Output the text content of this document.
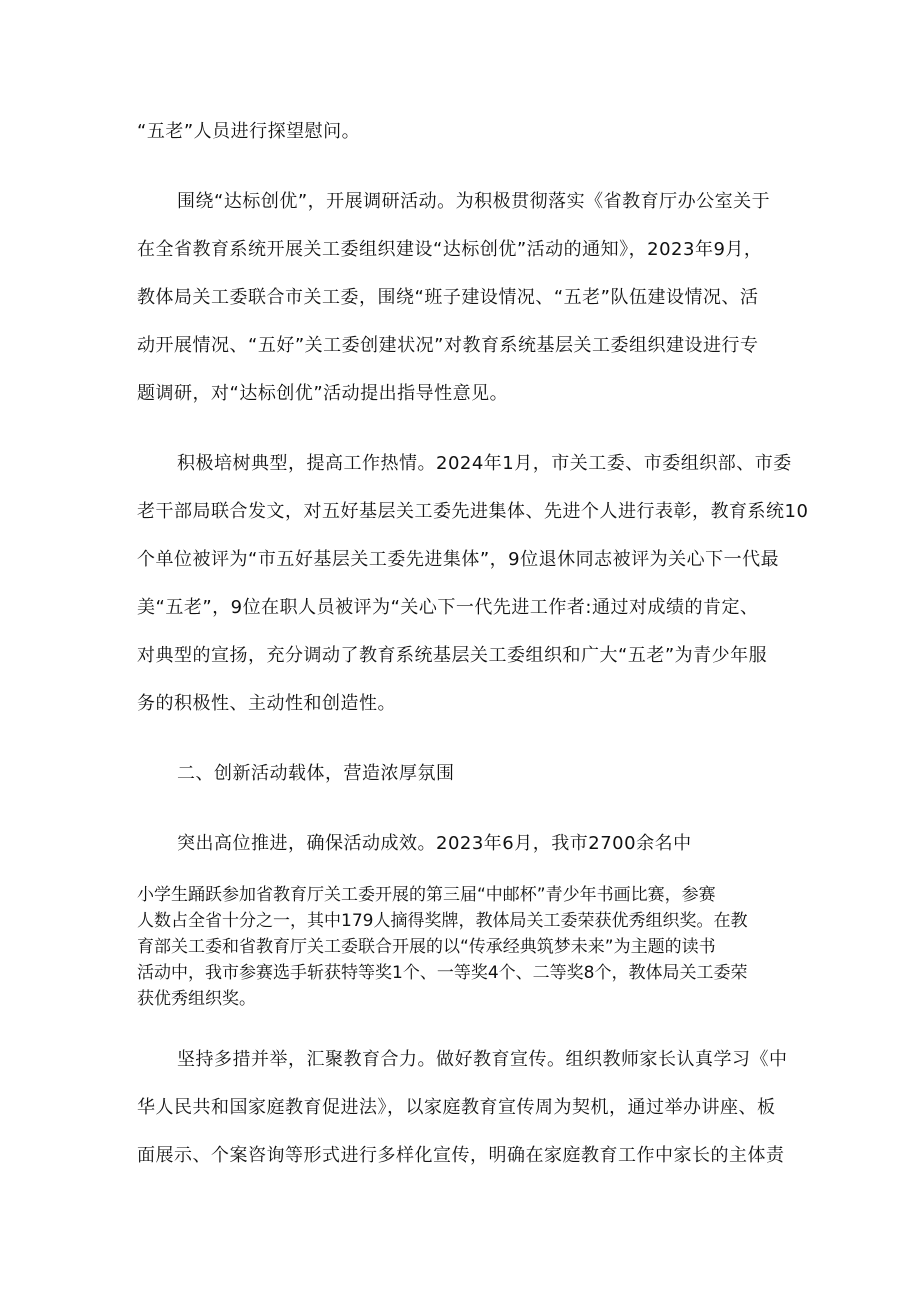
“五老”人员进行探望慰问。
围绕“达标创优”，开展调研活动。为积极贯彻落实《省教育厅办公室关于
在全省教育系统开展关工委组织建设“达标创优”活动的通知》，2023年9月，
教体局关工委联合市关工委，围绕“班子建设情况、“五老”队伍建设情况、活
动开展情况、“五好”关工委创建状况”对教育系统基层关工委组织建设进行专
题调研，对“达标创优”活动提出指导性意见。
积极培树典型，提高工作热情。2024年1月，市关工委、市委组织部、市委
老干部局联合发文，对五好基层关工委先进集体、先进个人进行表彰，教育系统10
个单位被评为“市五好基层关工委先进集体”，9位退休同志被评为关心下一代最
美“五老”，9位在职人员被评为“关心下一代先进工作者:通过对成绩的肯定、
对典型的宣扬，充分调动了教育系统基层关工委组织和广大“五老”为青少年服
务的积极性、主动性和创造性。
二、创新活动载体，营造浓厚氛围
突出高位推进，确保活动成效。2023年6月，我市2700余名中
小学生踊跃参加省教育厅关工委开展的第三届“中邮杯”青少年书画比赛，参赛
人数占全省十分之一，其中179人摘得奖牌，教体局关工委荣获优秀组织奖。在教
育部关工委和省教育厅关工委联合开展的以“传承经典筑梦未来”为主题的读书
活动中，我市参赛选手斩获特等奖1个、一等奖4个、二等奖8个，教体局关工委荣
获优秀组织奖。
坚持多措并举，汇聚教育合力。做好教育宣传。组织教师家长认真学习《中
华人民共和国家庭教育促进法》，以家庭教育宣传周为契机，通过举办讲座、板
面展示、个案咨询等形式进行多样化宣传，明确在家庭教育工作中家长的主体责
